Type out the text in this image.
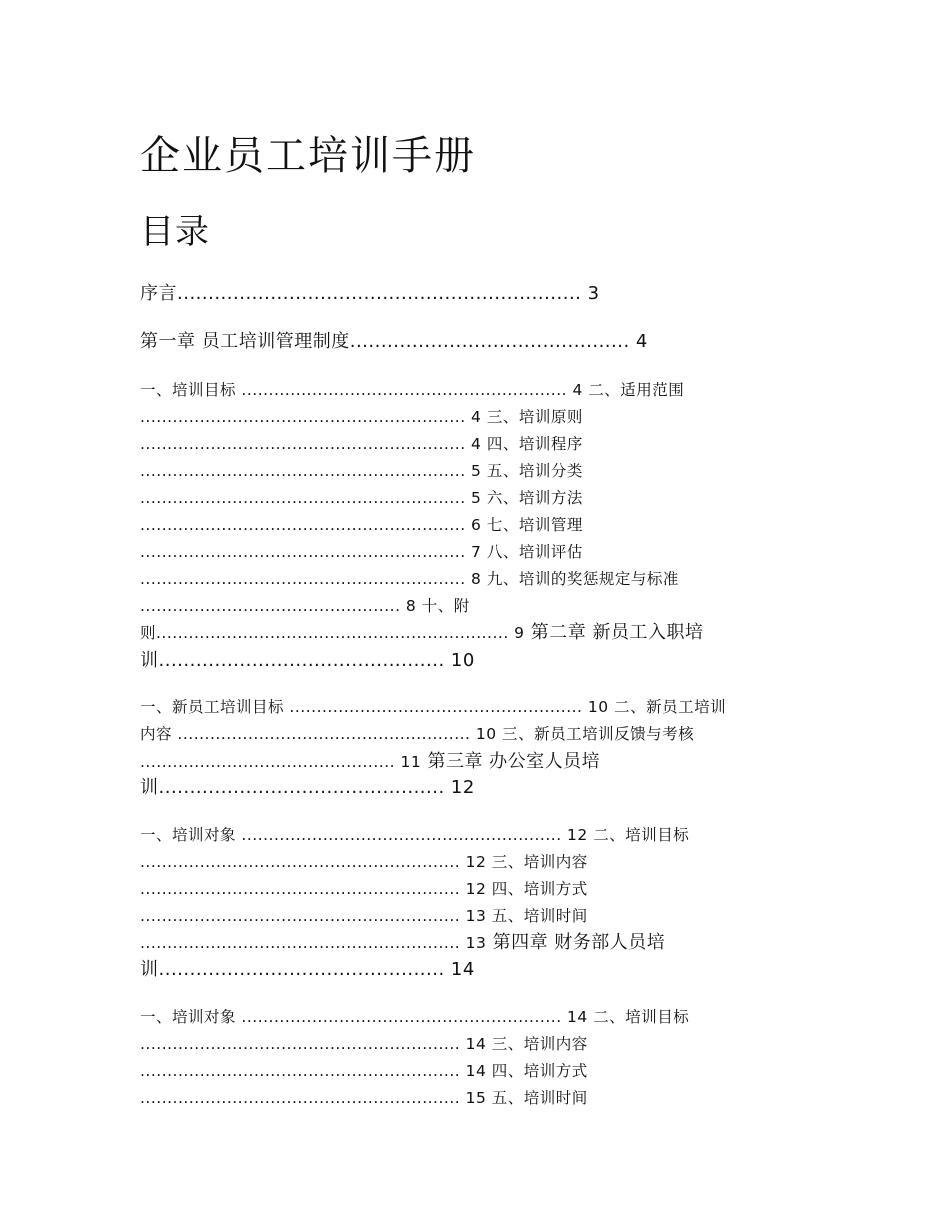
企业员工培训手册
目录
序言................................................................. 3
第一章 员工培训管理制度............................................. 4
一、培训目标 ............................................................ 4 二、适用范围
............................................................ 4 三、培训原则
............................................................ 4 四、培训程序
............................................................ 5 五、培训分类
............................................................ 5 六、培训方法
............................................................ 6 七、培训管理
............................................................ 7 八、培训评估
............................................................ 8 九、培训的奖惩规定与标准
................................................ 8 十、附
则................................................................. 9 第二章 新员工入职培
训.............................................. 10
一、新员工培训目标 ...................................................... 10 二、新员工培训
内容 ...................................................... 10 三、新员工培训反馈与考核
............................................... 11 第三章 办公室人员培
训.............................................. 12
一、培训对象 ........................................................... 12 二、培训目标
........................................................... 12 三、培训内容
........................................................... 12 四、培训方式
........................................................... 13 五、培训时间
........................................................... 13 第四章 财务部人员培
训.............................................. 14
一、培训对象 ........................................................... 14 二、培训目标
........................................................... 14 三、培训内容
........................................................... 14 四、培训方式
........................................................... 15 五、培训时间
